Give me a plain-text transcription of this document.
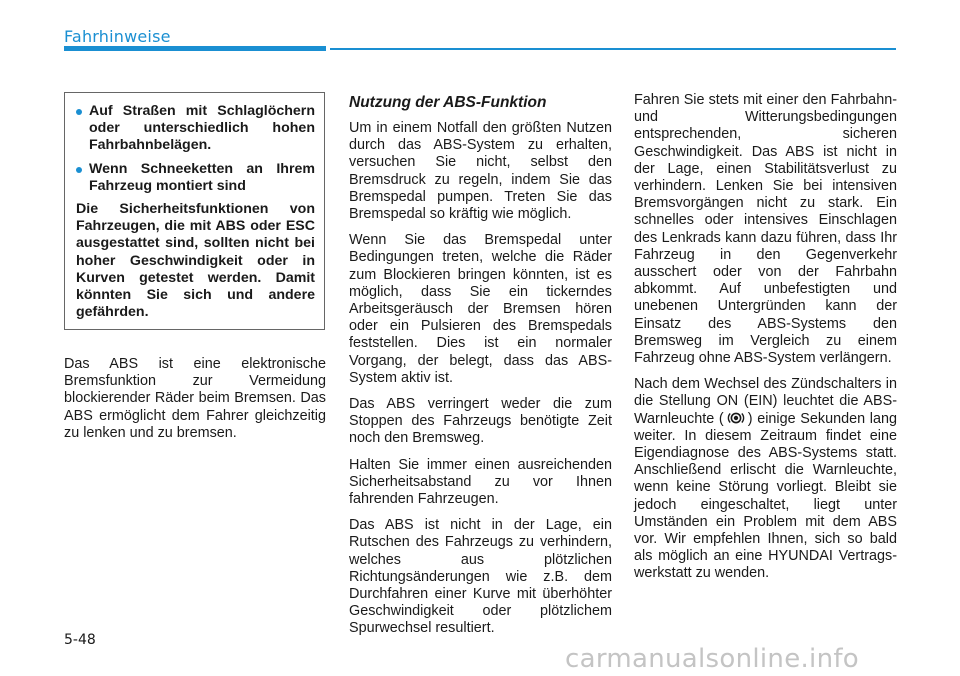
Fahrhinweise
Auf Straßen mit Schlaglöchern oder unterschiedlich hohen Fahrbahnbelägen.
Wenn Schneeketten an Ihrem Fahrzeug montiert sind
Die Sicherheitsfunktionen von Fahrzeugen, die mit ABS oder ESC ausgestattet sind, sollten nicht bei hoher Geschwindigkeit oder in Kurven getestet werden. Damit könnten Sie sich und andere gefährden.
Das ABS ist eine elektronische Bremsfunktion zur Vermeidung blockierender Räder beim Bremsen. Das ABS ermöglicht dem Fahrer gleichzeitig zu lenken und zu bremsen.
Nutzung der ABS-Funktion

Um in einem Notfall den größten Nutzen durch das ABS-System zu erhalten, versuchen Sie nicht, selbst den Bremsdruck zu regeln, indem Sie das Bremspedal pumpen. Treten Sie das Bremspedal so kräftig wie möglich.

Wenn Sie das Bremspedal unter Bedingungen treten, welche die Räder zum Blockieren bringen könnten, ist es möglich, dass Sie ein tickerndes Arbeitsgeräusch der Bremsen hören oder ein Pulsieren des Bremspedals feststellen. Dies ist ein normaler Vorgang, der belegt, dass das ABS-System aktiv ist.

Das ABS verringert weder die zum Stoppen des Fahrzeugs benötigte Zeit noch den Bremsweg.

Halten Sie immer einen ausreichenden Sicherheitsabstand zu vor Ihnen fahrenden Fahrzeugen.

Das ABS ist nicht in der Lage, ein Rutschen des Fahrzeugs zu verhindern, welches aus plötzlichen Richtungsänderungen wie z.B. dem Durchfahren einer Kurve mit überhöhter Geschwindigkeit oder plötzlichem Spurwechsel resultiert.

Fahren Sie stets mit einer den Fahrbahn- und Witterungsbedingungen entsprechenden, sicheren Geschwindigkeit. Das ABS ist nicht in der Lage, einen Stabilitätsverlust zu verhindern. Lenken Sie bei intensiven Bremsvorgängen nicht zu stark. Ein schnelles oder intensives Einschlagen des Lenkrads kann dazu führen, dass Ihr Fahrzeug in den Gegenverkehr ausschert oder von der Fahrbahn abkommt. Auf unbefestigten und unebenen Untergründen kann der Einsatz des ABS-Systems den Bremsweg im Vergleich zu einem Fahrzeug ohne ABS-System verlängern.

Nach dem Wechsel des Zündschalters in die Stellung ON (EIN) leuchtet die ABS-Warnleuchte ( ) einige Sekunden lang weiter. In diesem Zeitraum findet eine Eigendiagnose des ABS-Systems statt. Anschließend erlischt die Warnleuchte, wenn keine Störung vorliegt. Bleibt sie jedoch eingeschaltet, liegt unter Umständen ein Problem mit dem ABS vor. Wir empfehlen Ihnen, sich so bald als möglich an eine HYUNDAI Vertragswerkstatt zu wenden.

5-48
carmanualsonline.info
